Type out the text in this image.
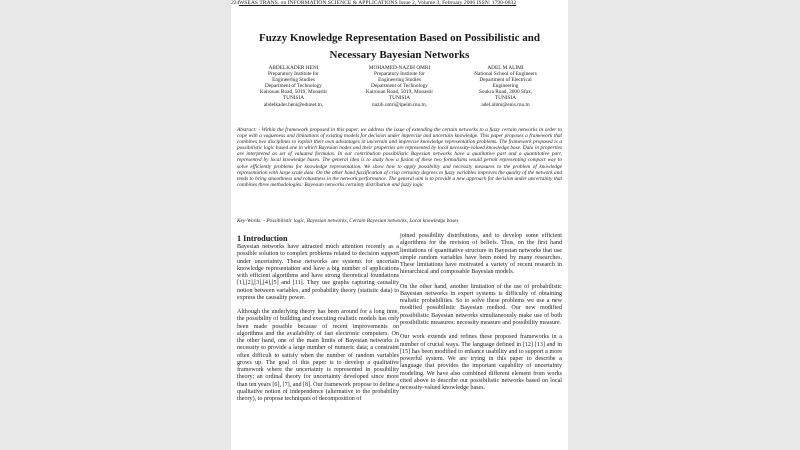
224 WSEAS TRANS. on INFORMATION SCIENCE & APPLICATIONS Issue 2, Volume 3, February 2006 ISSN: 1790-0832
Fuzzy Knowledge Representation Based on Possibilistic and
Necessary Bayesian Networks
ABDELKADER HENI
Preparatory Institute for
Engineering Studies
Department of Technology
Kairouan Road, 5019, Monastir
TUNISIA
abdelkader.heni@edunet.tn,
MOHAMED-NAZIH OMRI
Preparatory Institute for
Engineering Studies
Department of Technology
Kairouan Road, 5019, Monastir
TUNISIA
nazih.omri@ipeim.rnu.tn,
ADEL M ALIMI
National School of Engineers
Department of Electrical
Engineering
Soukra Road, 3000 Sfax,
TUNISIA
adel.alimi@enis.rnu.tn
Abstract: - Within the framework proposed in this paper, we address the issue of extending the certain networks to a fuzzy certain networks in order to cope with a vagueness and limitations of existing models for decision under imprecise and uncertain knowledge. This paper proposes a framework that combines two disciplines to exploit their own advantages in uncertain and imprecise knowledge representation problems. The framework proposed is a possibilistic logic based one in which Bayesian nodes and their properties are represented by local necessity-valued knowledge base. Data in properties are interpreted as set of valuated formulas. In our contribution possibilistic Bayesian networks have a qualitative part and a quantitative part, represented by local knowledge bases. The general idea is to study how a fusion of these two formalisms would permit representing compact way to solve efficiently problems for knowledge representation. We show how to apply possibility and necessity measures to the problem of knowledge representation with large scale data. On the other hand fuzzification of crisp certainty degrees to fuzzy variables improves the quality of the network and tends to bring smoothness and robustness in the network performance. The general aim is to provide a new approach for decision under uncertainty that combines three methodologies: Bayesian networks certainty distribution and fuzzy logic
Key-Words: - Possibilistic logic, Bayesian networks, Certain Bayesian networks, Local knowledge bases
1 Introduction

Bayesian networks have attracted much attention recently as a possible solution to complex problems related to decision support under uncertainty. These networks are systems for uncertain knowledge representation and have a big number of applications with efficient algorithms and have strong theoretical foundations [1],[2],[3],[4],[5] and [11]. They use graphs capturing causality notion between variables, and probability theory (statistic data) to express the causality power.

Although the underlying theory has been around for a long time, the possibility of building and executing realistic models has only been made possible because of recent improvements on algorithms and the availability of fast electronic computers. On the other hand, one of the main limits of Bayesian networks is necessity to provide a large number of numeric data; a constraint often difficult to satisfy when the number of random variables grows up. The goal of this paper is to develop a qualitative framework where the uncertainty is represented in possibility theory; an ordinal theory for uncertainty developed since more than ten years [6], [7], and [8]. Our framework propose to define a qualitative notion of independence (alternative to the probability theory), to propose techniques of decomposition of

joined possibility distributions, and to develop some efficient algorithms for the revision of beliefs. Thus, on the first hand limitations of quantitative structure in Bayesian networks that use simple random variables have been noted by many researches. These limitations have motivated a variety of recent research in hierarchical and composable Bayesian models.

On the other hand, another limitation of the use of probabilistic Bayesian networks in expert systems is difficulty of obtaining realistic probabilities. So to solve these problems we use a new modified possibilistic Bayesian method. Our new modified possibilistic Bayesian networks simultaneously make use of both possibilistic measures: necessity measure and possibility measure.

Our work extends and refines these proposed frameworks in a number of crucial ways. The language defined in [12] [13] and in [15] has been modified to enhance usability and to support a more powerful system. We are trying in this paper to describe a language that provides the important capability of uncertainty modeling. We have also combined different element from works cited above to describe our possibilistic networks based on local necessity-valued knowledge bases.
